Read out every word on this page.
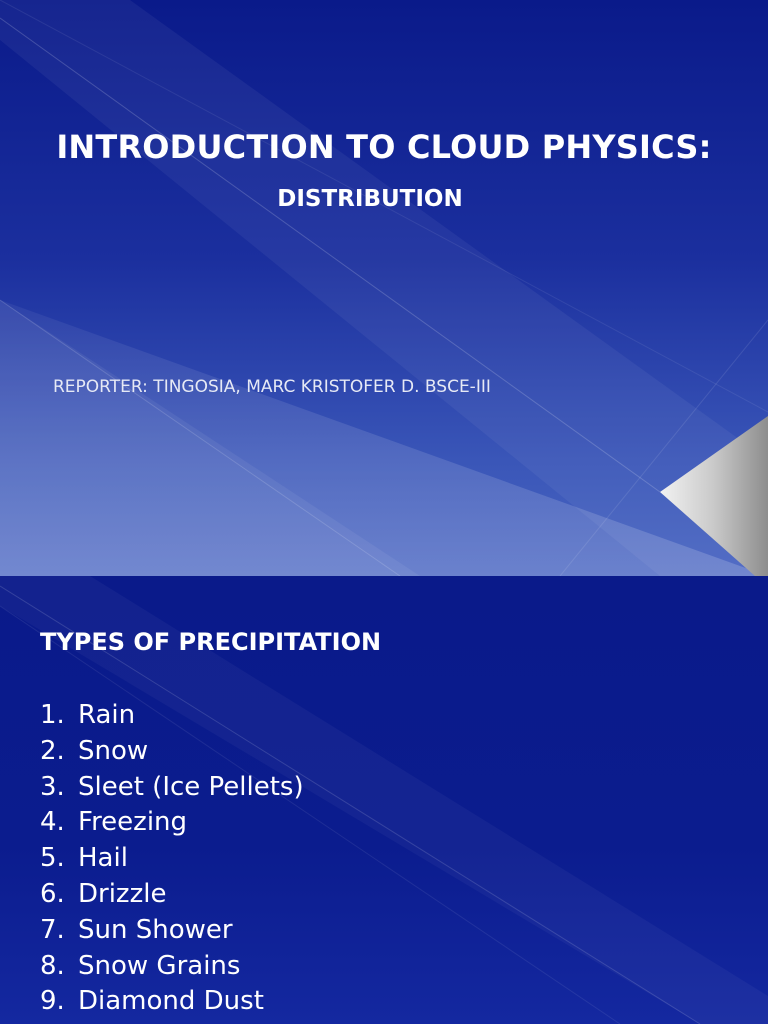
INTRODUCTION TO CLOUD PHYSICS:
DISTRIBUTION
REPORTER: TINGOSIA, MARC KRISTOFER D. BSCE-III
TYPES OF PRECIPITATION
1. Rain
2. Snow
3. Sleet (Ice Pellets)
4. Freezing
5. Hail
6. Drizzle
7. Sun Shower
8. Snow Grains
9. Diamond Dust
